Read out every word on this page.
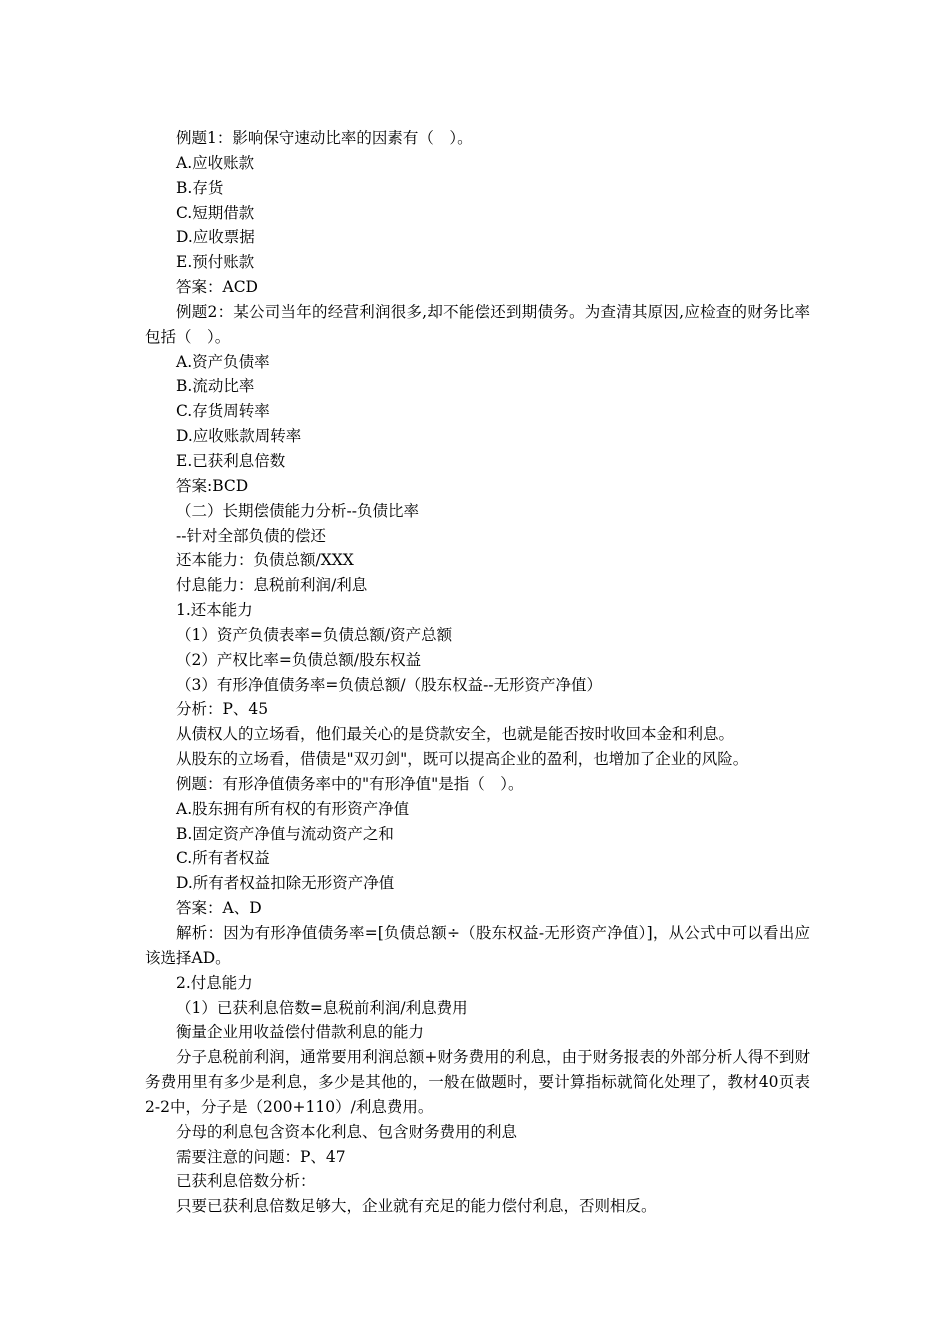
例题1：影响保守速动比率的因素有（　）。

A.应收账款

B.存货

C.短期借款

D.应收票据

E.预付账款

答案：ACD

例题2：某公司当年的经营利润很多,却不能偿还到期债务。为查清其原因,应检查的财务比率包括（　）。

A.资产负债率

B.流动比率

C.存货周转率

D.应收账款周转率

E.已获利息倍数

答案:BCD

（二）长期偿债能力分析--负债比率

--针对全部负债的偿还

还本能力：负债总额/XXX

付息能力：息税前利润/利息

1.还本能力

（1）资产负债表率=负债总额/资产总额

（2）产权比率=负债总额/股东权益

（3）有形净值债务率=负债总额/（股东权益--无形资产净值）

分析：P、45

从债权人的立场看，他们最关心的是贷款安全，也就是能否按时收回本金和利息。

从股东的立场看，借债是"双刃剑"，既可以提高企业的盈利，也增加了企业的风险。

例题：有形净值债务率中的"有形净值"是指（　）。

A.股东拥有所有权的有形资产净值

B.固定资产净值与流动资产之和

C.所有者权益

D.所有者权益扣除无形资产净值

答案：A、D

解析：因为有形净值债务率=[负债总额÷（股东权益-无形资产净值）]，从公式中可以看出应该选择AD。

2.付息能力

（1）已获利息倍数=息税前利润/利息费用

衡量企业用收益偿付借款利息的能力

分子息税前利润，通常要用利润总额+财务费用的利息，由于财务报表的外部分析人得不到财务费用里有多少是利息，多少是其他的，一般在做题时，要计算指标就简化处理了，教材40页表2-2中，分子是（200+110）/利息费用。

分母的利息包含资本化利息、包含财务费用的利息

需要注意的问题：P、47

已获利息倍数分析：

只要已获利息倍数足够大，企业就有充足的能力偿付利息，否则相反。
